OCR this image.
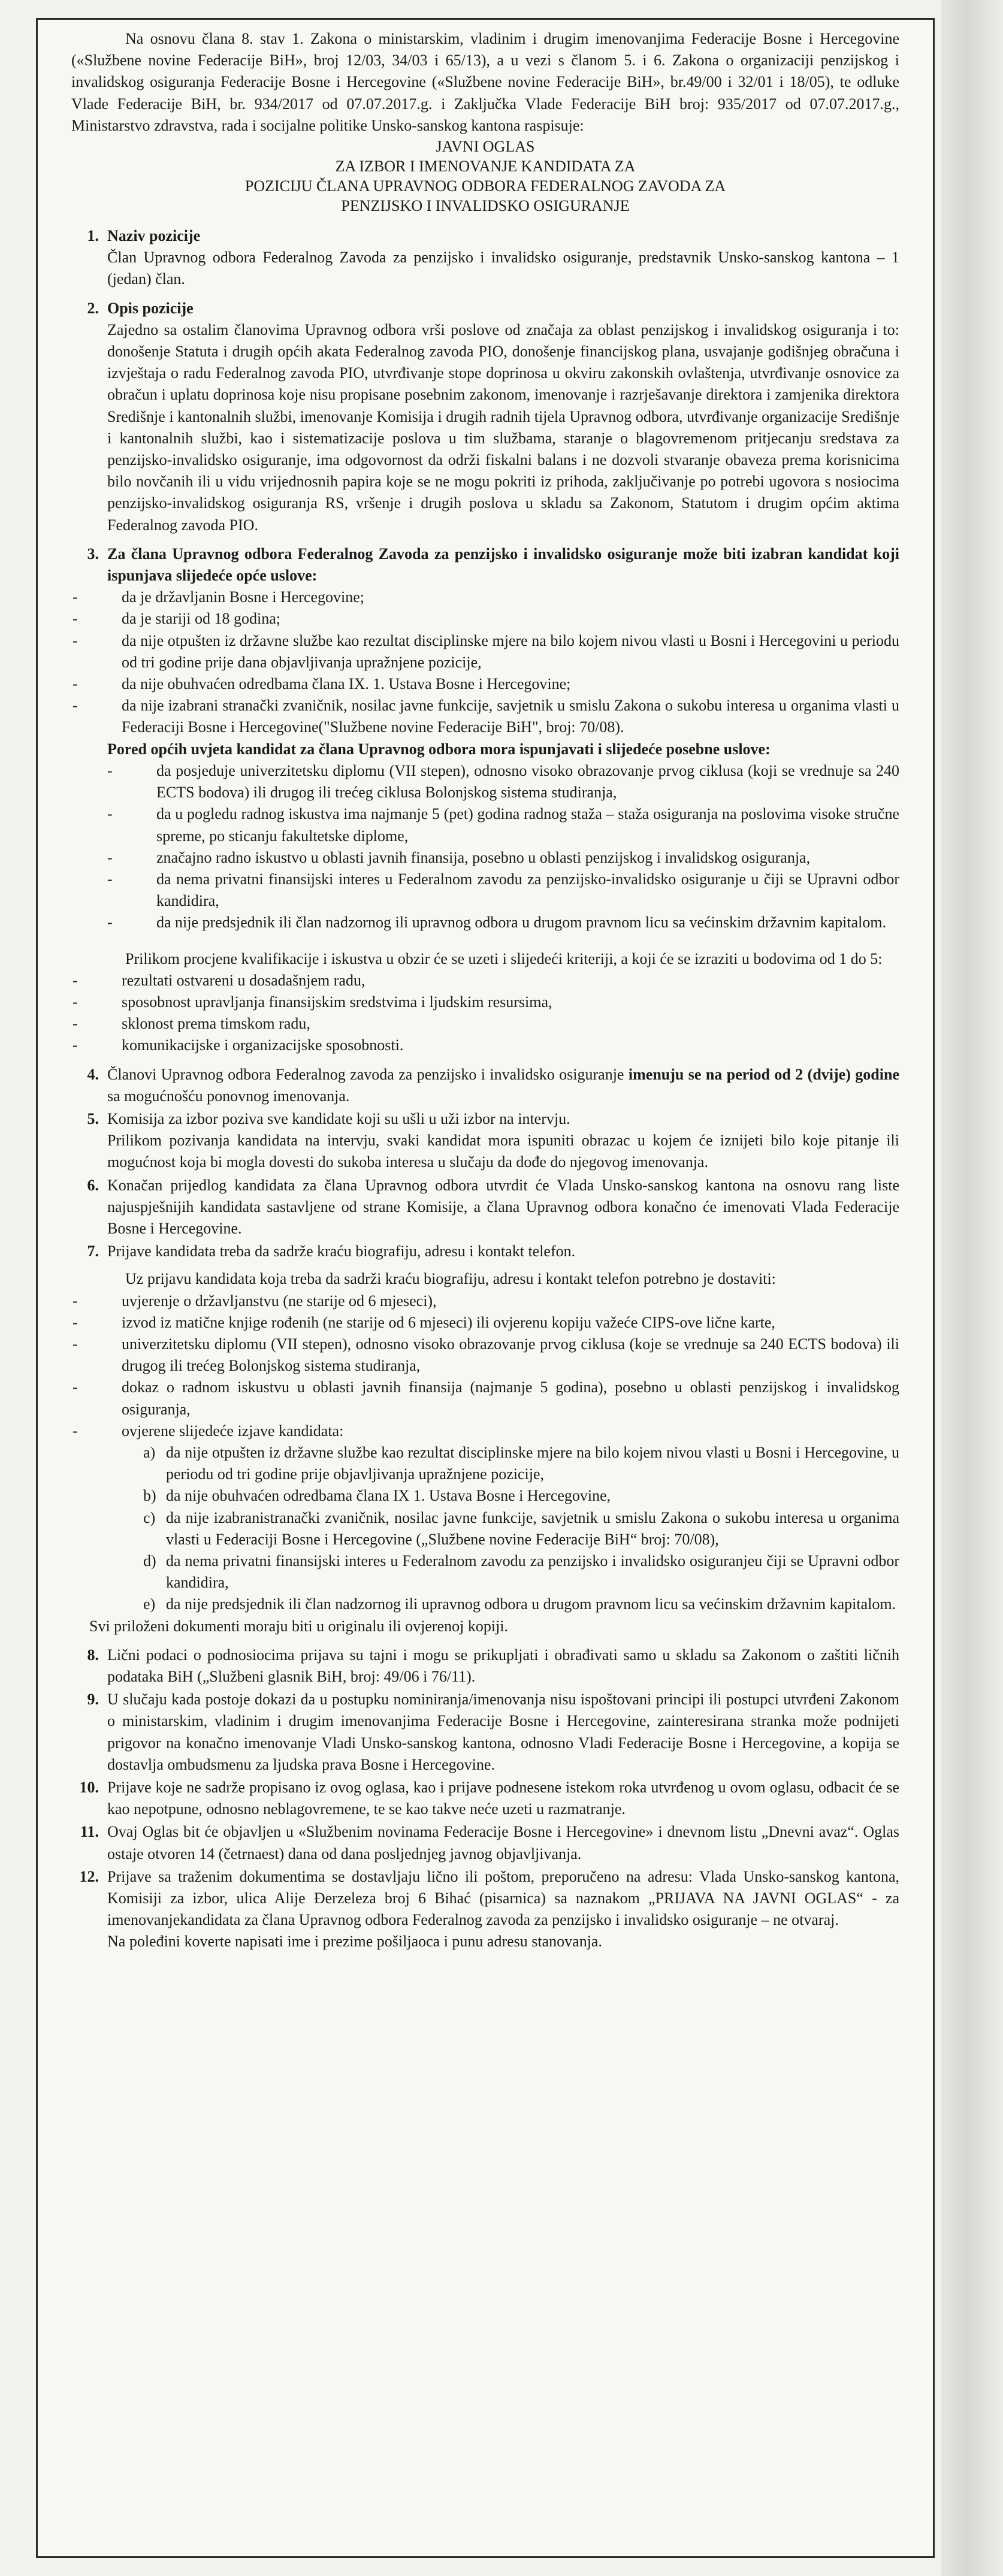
Na osnovu člana 8. stav 1. Zakona o ministarskim, vladinim i drugim imenovanjima Federacije Bosne i Hercegovine («Službene novine Federacije BiH», broj 12/03, 34/03 i 65/13), a u vezi s članom 5. i 6. Zakona o organizaciji penzijskog i invalidskog osiguranja Federacije Bosne i Hercegovine («Službene novine Federacije BiH», br.49/00 i 32/01 i 18/05), te odluke Vlade Federacije BiH, br. 934/2017 od 07.07.2017.g. i Zaključka Vlade Federacije BiH broj: 935/2017 od 07.07.2017.g., Ministarstvo zdravstva, rada i socijalne politike Unsko-sanskog kantona raspisuje:

JAVNI OGLAS
ZA IZBOR I IMENOVANJE KANDIDATA ZA
POZICIJU ČLANA UPRAVNOG ODBORA FEDERALNOG ZAVODA ZA
PENZIJSKO I INVALIDSKO OSIGURANJE
1. Naziv pozicije

Član Upravnog odbora Federalnog Zavoda za penzijsko i invalidsko osiguranje, predstavnik Unsko-sanskog kantona – 1 (jedan) član.

2. Opis pozicije

Zajedno sa ostalim članovima Upravnog odbora vrši poslove od značaja za oblast penzijskog i invalidskog osiguranja i to: donošenje Statuta i drugih općih akata Federalnog zavoda PIO, donošenje financijskog plana, usvajanje godišnjeg obračuna i izvještaja o radu Federalnog zavoda PIO, utvrđivanje stope doprinosa u okviru zakonskih ovlaštenja, utvrđivanje osnovice za obračun i uplatu doprinosa koje nisu propisane posebnim zakonom, imenovanje i razrješavanje direktora i zamjenika direktora Središnje i kantonalnih službi, imenovanje Komisija i drugih radnih tijela Upravnog odbora, utvrđivanje organizacije Središnje i kantonalnih službi, kao i sistematizacije poslova u tim službama, staranje o blagovremenom pritjecanju sredstava za penzijsko-invalidsko osiguranje, ima odgovornost da održi fiskalni balans i ne dozvoli stvaranje obaveza prema korisnicima bilo novčanih ili u vidu vrijednosnih papira koje se ne mogu pokriti iz prihoda, zaključivanje po potrebi ugovora s nosiocima penzijsko-invalidskog osiguranja RS, vršenje i drugih poslova u skladu sa Zakonom, Statutom i drugim općim aktima Federalnog zavoda PIO.

3. Za člana Upravnog odbora Federalnog Zavoda za penzijsko i invalidsko osiguranje može biti izabran kandidat koji ispunjava slijedeće opće uslove:

-	da je državljanin Bosne i Hercegovine;
-	da je stariji od 18 godina;
-	da nije otpušten iz državne službe kao rezultat disciplinske mjere na bilo kojem nivou vlasti u Bosni i Hercegovini u periodu od tri godine prije dana objavljivanja upražnjene pozicije,
-	da nije obuhvaćen odredbama člana IX. 1. Ustava Bosne i Hercegovine;
-	da nije izabrani stranački zvaničnik, nosilac javne funkcije, savjetnik u smislu Zakona o sukobu interesa u organima vlasti u Federaciji Bosne i Hercegovine("Službene novine Federacije BiH", broj: 70/08).

Pored općih uvjeta kandidat za člana Upravnog odbora mora ispunjavati i slijedeće posebne uslove:

-	da posjeduje univerzitetsku diplomu (VII stepen), odnosno visoko obrazovanje prvog ciklusa (koji se vrednuje sa 240 ECTS bodova) ili drugog ili trećeg ciklusa Bolonjskog sistema studiranja,
-	da u pogledu radnog iskustva ima najmanje 5 (pet) godina radnog staža – staža osiguranja na poslovima visoke stručne spreme, po sticanju fakultetske diplome,
-	značajno radno iskustvo u oblasti javnih finansija, posebno u oblasti penzijskog i invalidskog osiguranja,
-	da nema privatni finansijski interes u Federalnom zavodu za penzijsko-invalidsko osiguranje u čiji se Upravni odbor kandidira,
-	da nije predsjednik ili član nadzornog ili upravnog odbora u drugom pravnom licu sa većinskim državnim kapitalom.

Prilikom procjene kvalifikacije i iskustva u obzir će se uzeti i slijedeći kriteriji, a koji će se izraziti u bodovima od 1 do 5:

-	rezultati ostvareni u dosadašnjem radu,
-	sposobnost upravljanja finansijskim sredstvima i ljudskim resursima,
-	sklonost prema timskom radu,
-	komunikacijske i organizacijske sposobnosti.
4. Članovi Upravnog odbora Federalnog zavoda za penzijsko i invalidsko osiguranje imenuju se na period od 2 (dvije) godine sa mogućnošću ponovnog imenovanja.

5. Komisija za izbor poziva sve kandidate koji su ušli u uži izbor na intervju.

Prilikom pozivanja kandidata na intervju, svaki kandidat mora ispuniti obrazac u kojem će iznijeti bilo koje pitanje ili mogućnost koja bi mogla dovesti do sukoba interesa u slučaju da dođe do njegovog imenovanja.

6. Konačan prijedlog kandidata za člana Upravnog odbora utvrdit će Vlada Unsko-sanskog kantona na osnovu rang liste najuspješnijih kandidata sastavljene od strane Komisije, a člana Upravnog odbora konačno će imenovati Vlada Federacije Bosne i Hercegovine.

7. Prijave kandidata treba da sadrže kraću biografiju, adresu i kontakt telefon.

Uz prijavu kandidata koja treba da sadrži kraću biografiju, adresu i kontakt telefon potrebno je dostaviti:

-	uvjerenje o državljanstvu (ne starije od 6 mjeseci),
-	izvod iz matične knjige rođenih (ne starije od 6 mjeseci) ili ovjerenu kopiju važeće CIPS-ove lične karte,
-	univerzitetsku diplomu (VII stepen), odnosno visoko obrazovanje prvog ciklusa (koje se vrednuje sa 240 ECTS bodova) ili drugog ili trećeg Bolonjskog sistema studiranja,
-	dokaz o radnom iskustvu u oblasti javnih finansija (najmanje 5 godina), posebno u oblasti penzijskog i invalidskog osiguranja,
-	ovjerene slijedeće izjave kandidata:
a) da nije otpušten iz državne službe kao rezultat disciplinske mjere na bilo kojem nivou vlasti u Bosni i Hercegovine, u periodu od tri godine prije objavljivanja upražnjene pozicije,
b) da nije obuhvaćen odredbama člana IX 1. Ustava Bosne i Hercegovine,
c) da nije izabranistranački zvaničnik, nosilac javne funkcije, savjetnik u smislu Zakona o sukobu interesa u organima vlasti u Federaciji Bosne i Hercegovine („Službene novine Federacije BiH“ broj: 70/08),
d) da nema privatni finansijski interes u Federalnom zavodu za penzijsko i invalidsko osiguranjeu čiji se Upravni odbor kandidira,
e) da nije predsjednik ili član nadzornog ili upravnog odbora u drugom pravnom licu sa većinskim državnim kapitalom.

Svi priloženi dokumenti moraju biti u originalu ili ovjerenoj kopiji.

8. Lični podaci o podnosiocima prijava su tajni i mogu se prikupljati i obrađivati samo u skladu sa Zakonom o zaštiti ličnih podataka BiH („Službeni glasnik BiH, broj: 49/06 i 76/11).

9. U slučaju kada postoje dokazi da u postupku nominiranja/imenovanja nisu ispoštovani principi ili postupci utvrđeni Zakonom o ministarskim, vladinim i drugim imenovanjima Federacije Bosne i Hercegovine, zainteresirana stranka može podnijeti prigovor na konačno imenovanje Vladi Unsko-sanskog kantona, odnosno Vladi Federacije Bosne i Hercegovine, a kopija se dostavlja ombudsmenu za ljudska prava Bosne i Hercegovine.

10. Prijave koje ne sadrže propisano iz ovog oglasa, kao i prijave podnesene istekom roka utvrđenog u ovom oglasu, odbacit će se kao nepotpune, odnosno neblagovremene, te se kao takve neće uzeti u razmatranje.

11. Ovaj Oglas bit će objavljen u «Službenim novinama Federacije Bosne i Hercegovine» i dnevnom listu „Dnevni avaz“. Oglas ostaje otvoren 14 (četrnaest) dana od dana posljednjeg javnog objavljivanja.

12. Prijave sa traženim dokumentima se dostavljaju lično ili poštom, preporučeno na adresu: Vlada Unsko-sanskog kantona, Komisiji za izbor, ulica Alije Đerzeleza broj 6 Bihać (pisarnica) sa naznakom „PRIJAVA NA JAVNI OGLAS“ - za imenovanjekandidata za člana Upravnog odbora Federalnog zavoda za penzijsko i invalidsko osiguranje – ne otvaraj.

Na poleđini koverte napisati ime i prezime pošiljaoca i punu adresu stanovanja.
